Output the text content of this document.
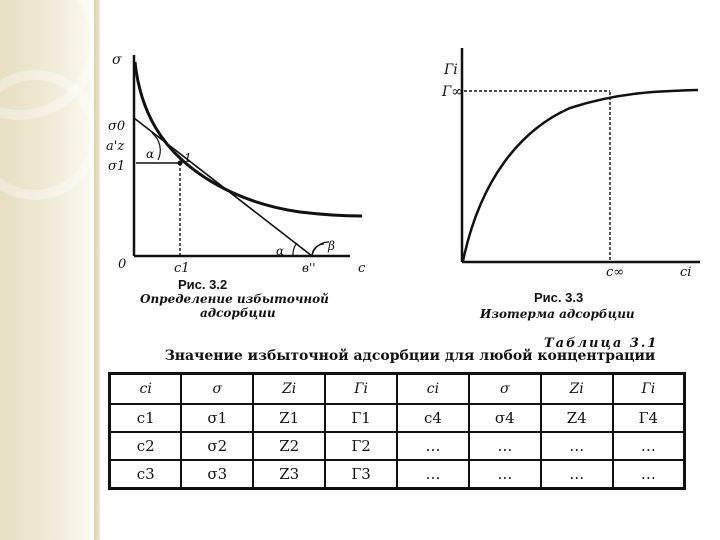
σ
σ0
a'z
σ1
α 1
α	β
0	c1	в''	c
Рис. 3.2
Определение избыточной
адсорбции
Гi
Г∞
c∞	ci
Рис. 3.3
Изотерма адсорбции
Таблица 3.1
Значение избыточной адсорбции для любой концентрации
ci	σ	Zi	Гi	ci	σ	Zi	Гi
c1	σ1	Z1	Г1	c4	σ4	Z4	Г4
c2	σ2	Z2	Г2	…	…	…	…
c3	σ3	Z3	Г3	…	…	…	…
